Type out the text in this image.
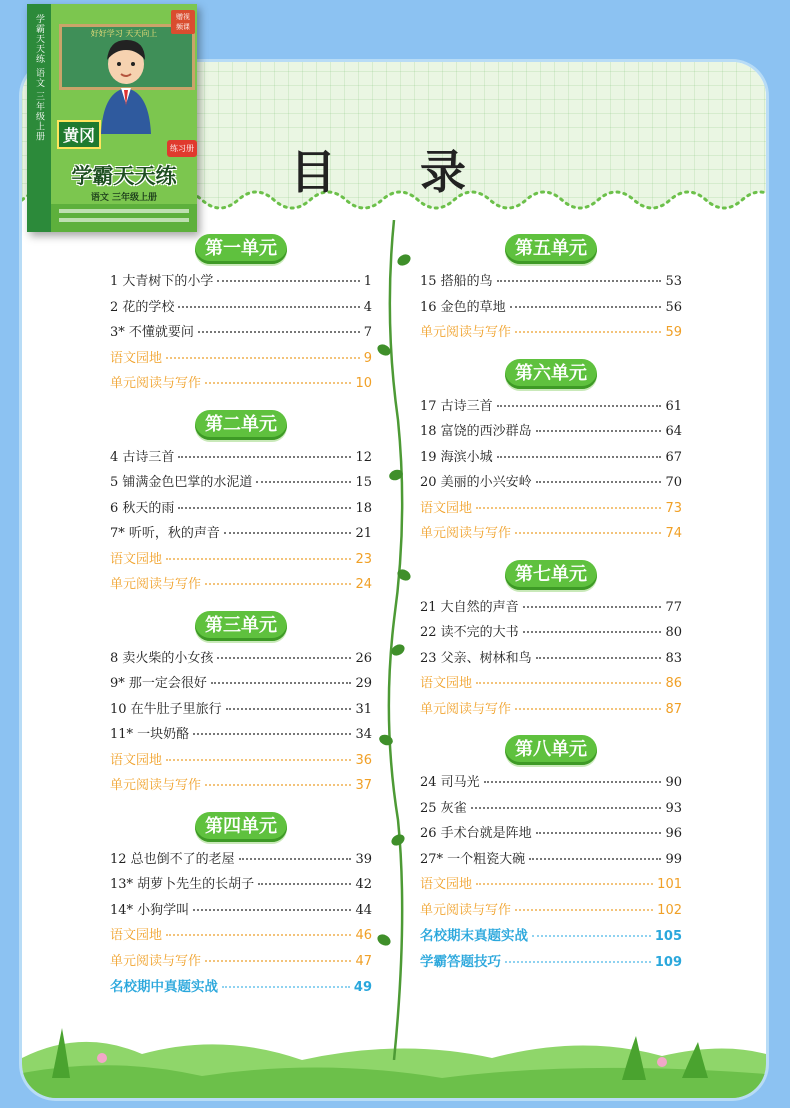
目 录
学霸天天练 语文 三年级上册	好好学习 天天向上
赠视频课
黄冈
练习册
学霸天天练
语文 三年级上册
第一单元
1 大青树下的小学	1
2 花的学校	4
3* 不懂就要问	7
语文园地	9
单元阅读与写作	10
第二单元
4 古诗三首	12
5 铺满金色巴掌的水泥道	15
6 秋天的雨	18
7* 听听，秋的声音	21
语文园地	23
单元阅读与写作	24
第三单元
8 卖火柴的小女孩	26
9* 那一定会很好	29
10 在牛肚子里旅行	31
11* 一块奶酪	34
语文园地	36
单元阅读与写作	37
第四单元
12 总也倒不了的老屋	39
13* 胡萝卜先生的长胡子	42
14* 小狗学叫	44
语文园地	46
单元阅读与写作	47
名校期中真题实战	49
第五单元
15 搭船的鸟	53
16 金色的草地	56
单元阅读与写作	59
第六单元
17 古诗三首	61
18 富饶的西沙群岛	64
19 海滨小城	67
20 美丽的小兴安岭	70
语文园地	73
单元阅读与写作	74
第七单元
21 大自然的声音	77
22 读不完的大书	80
23 父亲、树林和鸟	83
语文园地	86
单元阅读与写作	87
第八单元
24 司马光	90
25 灰雀	93
26 手术台就是阵地	96
27* 一个粗瓷大碗	99
语文园地	101
单元阅读与写作	102
名校期末真题实战	105
学霸答题技巧	109
